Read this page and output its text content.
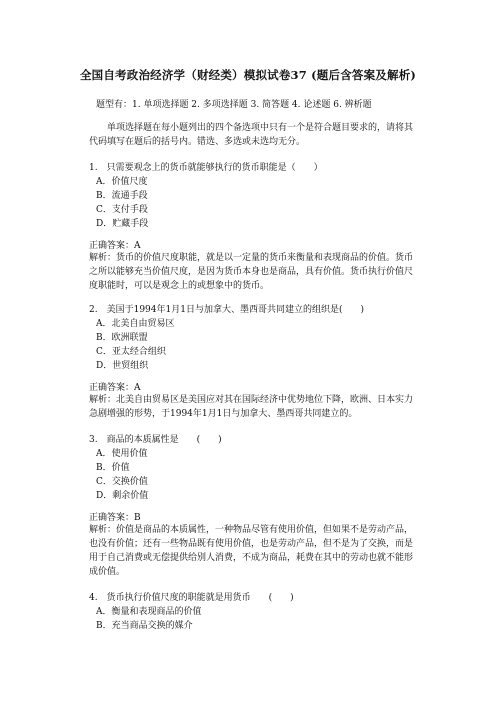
全国自考政治经济学（财经类）模拟试卷37 (题后含答案及解析)
题型有：1. 单项选择题 2. 多项选择题 3. 简答题 4. 论述题 6. 辨析题
单项选择题在每小题列出的四个备选项中只有一个是符合题目要求的，请将其代码填写在题后的括号内。错选、多选或未选均无分。
1.　只需要观念上的货币就能够执行的货币职能是（　　）
A．价值尺度
B．流通手段
C．支付手段
D．贮藏手段
正确答案：A
解析：货币的价值尺度职能，就是以一定量的货币来衡量和表现商品的价值。货币之所以能够充当价值尺度，是因为货币本身也是商品，具有价值。货币执行价值尺度职能时，可以是观念上的或想象中的货币。
2.　美国于1994年1月1日与加拿大、墨西哥共同建立的组织是(　　)
A．北美自由贸易区
B．欧洲联盟
C．亚太经合组织
D．世贸组织
正确答案：A
解析：北美自由贸易区是美国应对其在国际经济中优势地位下降，欧洲、日本实力急剧增强的形势，于1994年1月1日与加拿大、墨西哥共同建立的。
3.　商品的本质属性是　　(　　)
A．使用价值
B．价值
C．交换价值
D．剩余价值
正确答案：B
解析：价值是商品的本质属性，一种物品尽管有使用价值，但如果不是劳动产品，也没有价值；还有一些物品既有使用价值，也是劳动产品，但不是为了交换，而是用于自己消费或无偿提供给别人消费，不成为商品，耗费在其中的劳动也就不能形成价值。
4.　货币执行价值尺度的职能就是用货币　　(　　)
A．衡量和表现商品的价值
B．充当商品交换的媒介
